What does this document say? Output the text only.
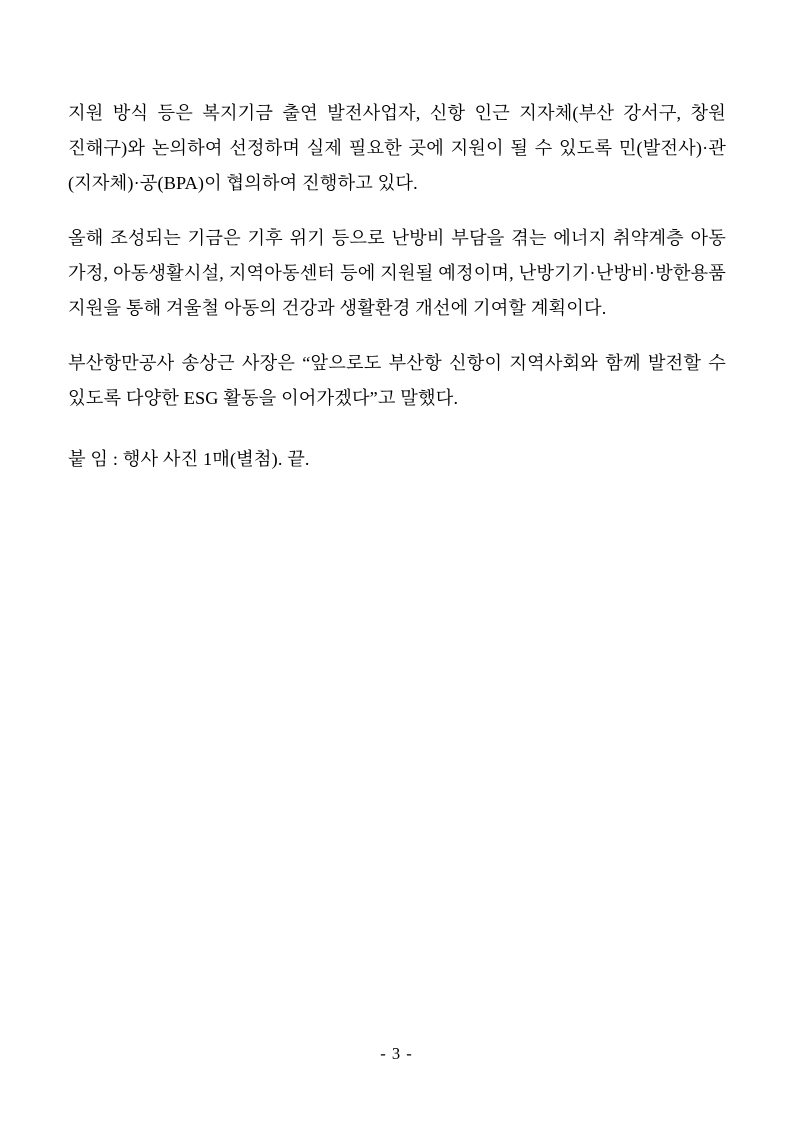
지원 방식 등은 복지기금 출연 발전사업자, 신항 인근 지자체(부산 강서구, 창원 진해구)와 논의하여 선정하며 실제 필요한 곳에 지원이 될 수 있도록 민(발전사)·관(지자체)·공(BPA)이 협의하여 진행하고 있다.

올해 조성되는 기금은 기후 위기 등으로 난방비 부담을 겪는 에너지 취약계층 아동 가정, 아동생활시설, 지역아동센터 등에 지원될 예정이며, 난방기기·난방비·방한용품 지원을 통해 겨울철 아동의 건강과 생활환경 개선에 기여할 계획이다.

부산항만공사 송상근 사장은 “앞으로도 부산항 신항이 지역사회와 함께 발전할 수 있도록 다양한 ESG 활동을 이어가겠다”고 말했다.

붙 임 : 행사 사진 1매(별첨). 끝.

- 3 -
